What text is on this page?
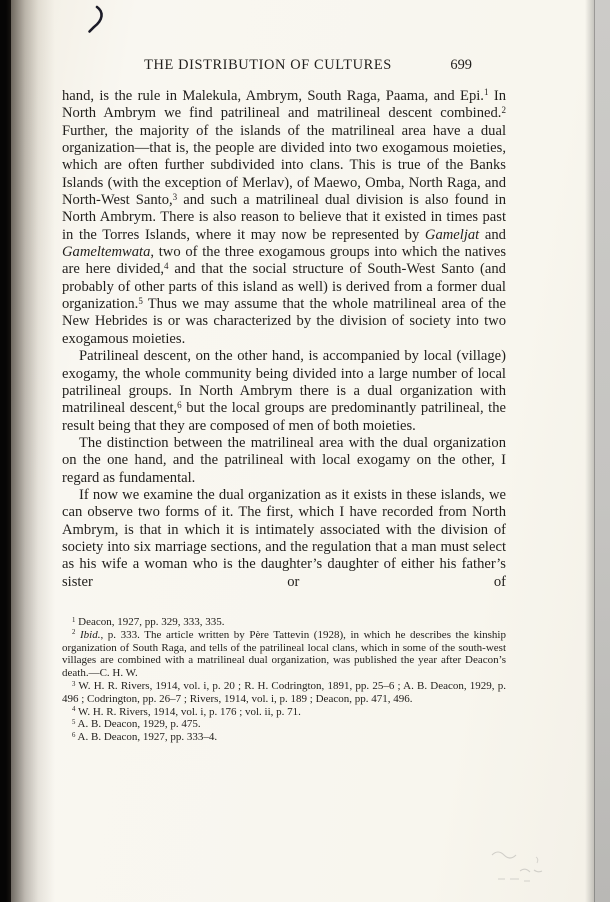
THE DISTRIBUTION OF CULTURES	699

hand, is the rule in Malekula, Ambrym, South Raga, Paama, and Epi.$^1$ In North Ambrym we find patrilineal and matrilineal descent combined.$^2$ Further, the majority of the islands of the matrilineal area have a dual organization—that is, the people are divided into two exogamous moieties, which are often further subdivided into clans. This is true of the Banks Islands (with the exception of Merlav), of Maewo, Omba, North Raga, and North-West Santo,$^3$ and such a matrilineal dual division is also found in North Ambrym. There is also reason to believe that it existed in times past in the Torres Islands, where it may now be represented by Gameljat and Gameltemwata, two of the three exogamous groups into which the natives are here divided,$^4$ and that the social structure of South-West Santo (and probably of other parts of this island as well) is derived from a former dual organization.$^5$ Thus we may assume that the whole matrilineal area of the New Hebrides is or was characterized by the division of society into two exogamous moieties.

Patrilineal descent, on the other hand, is accompanied by local (village) exogamy, the whole community being divided into a large number of local patrilineal groups. In North Ambrym there is a dual organization with matrilineal descent,$^6$ but the local groups are predominantly patrilineal, the result being that they are composed of men of both moieties.

The distinction between the matrilineal area with the dual organization on the one hand, and the patrilineal with local exogamy on the other, I regard as fundamental.

If now we examine the dual organization as it exists in these islands, we can observe two forms of it. The first, which I have recorded from North Ambrym, is that in which it is intimately associated with the division of society into six marriage sections, and the regulation that a man must select as his wife a woman who is the daughter’s daughter of either his father’s sister or of

$^1$ Deacon, 1927, pp. 329, 333, 335.

$^2$ Ibid., p. 333. The article written by Père Tattevin (1928), in which he describes the kinship organization of South Raga, and tells of the patrilineal local clans, which in some of the south-west villages are combined with a matrilineal dual organization, was published the year after Deacon’s death.—C. H. W.

$^3$ W. H. R. Rivers, 1914, vol. i, p. 20 ; R. H. Codrington, 1891, pp. 25–6 ; A. B. Deacon, 1929, p. 496 ; Codrington, pp. 26–7 ; Rivers, 1914, vol. i, p. 189 ; Deacon, pp. 471, 496.

$^4$ W. H. R. Rivers, 1914, vol. i, p. 176 ; vol. ii, p. 71.

$^5$ A. B. Deacon, 1929, p. 475.

$^6$ A. B. Deacon, 1927, pp. 333–4.
